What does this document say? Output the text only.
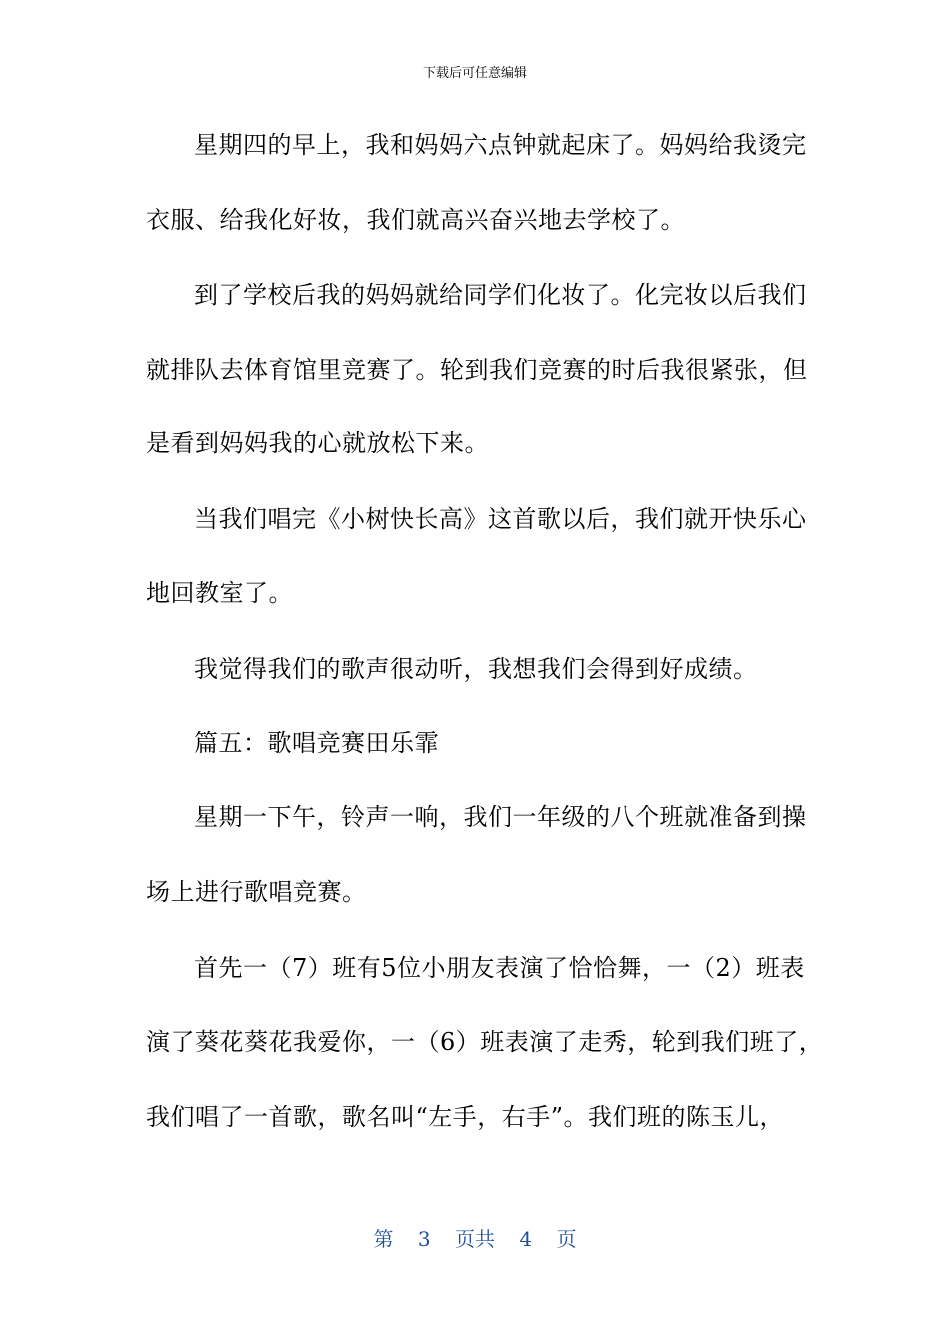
下载后可任意编辑
星期四的早上，我和妈妈六点钟就起床了。妈妈给我烫完
衣服、给我化好妆，我们就高兴奋兴地去学校了。
到了学校后我的妈妈就给同学们化妆了。化完妆以后我们
就排队去体育馆里竞赛了。轮到我们竞赛的时后我很紧张，但
是看到妈妈我的心就放松下来。
当我们唱完《小树快长高》这首歌以后，我们就开快乐心
地回教室了。
我觉得我们的歌声很动听，我想我们会得到好成绩。
篇五：歌唱竞赛田乐霏
星期一下午，铃声一响，我们一年级的八个班就准备到操
场上进行歌唱竞赛。
首先一（7）班有5位小朋友表演了恰恰舞，一（2）班表
演了葵花葵花我爱你，一（6）班表演了走秀，轮到我们班了，
我们唱了一首歌，歌名叫“左手，右手”。我们班的陈玉儿，
第 3 页共 4 页
